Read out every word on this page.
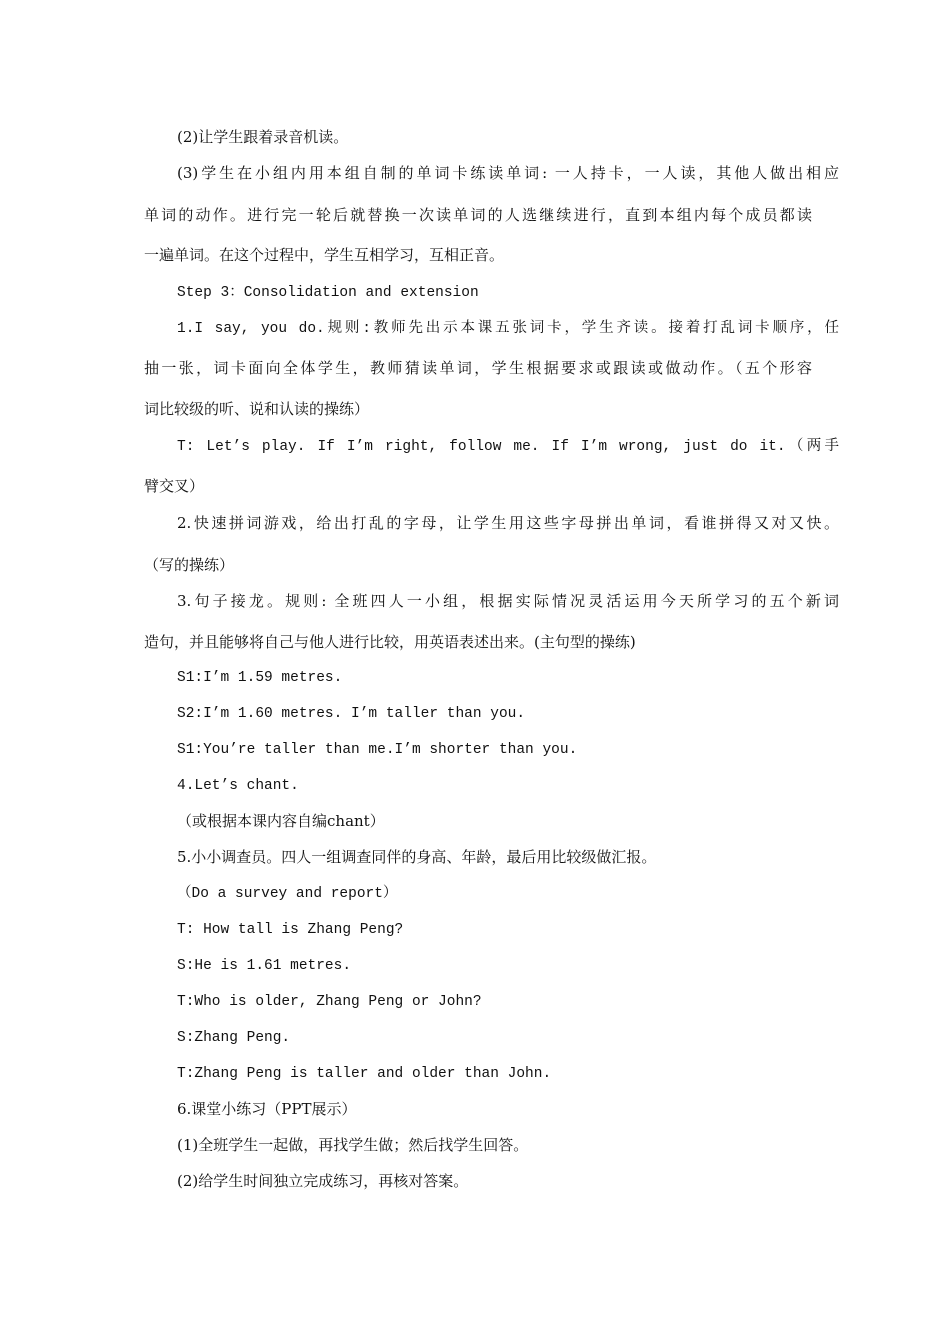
(2)让学生跟着录音机读。
(3)学生在小组内用本组自制的单词卡练读单词: 一人持卡，一人读，其他人做出相应
单词的动作。进行完一轮后就替换一次读单词的人选继续进行，直到本组内每个成员都读
一遍单词。在这个过程中，学生互相学习，互相正音。
Step 3：Consolidation and extension
1.I say, you do.规则:教师先出示本课五张词卡，学生齐读。接着打乱词卡顺序，任
抽一张，词卡面向全体学生，教师猜读单词，学生根据要求或跟读或做动作。（五个形容
词比较级的听、说和认读的操练）
T: Let’s play. If I’m right, follow me. If I’m wrong, just do it.（两手
臂交叉）
2.快速拼词游戏，给出打乱的字母，让学生用这些字母拼出单词，看谁拼得又对又快。
（写的操练）
3.句子接龙。规则: 全班四人一小组，根据实际情况灵活运用今天所学习的五个新词
造句，并且能够将自己与他人进行比较，用英语表述出来。(主句型的操练)
S1:I’m 1.59 metres.
S2:I’m 1.60 metres. I’m taller than you.
S1:You’re taller than me.I’m shorter than you.
4.Let’s chant.
（或根据本课内容自编chant）
5.小小调查员。四人一组调查同伴的身高、年龄，最后用比较级做汇报。
（Do a survey and report）
T: How tall is Zhang Peng?
S:He is 1.61 metres.
T:Who is older, Zhang Peng or John?
S:Zhang Peng.
T:Zhang Peng is taller and older than John.
6.课堂小练习（PPT展示）
(1)全班学生一起做，再找学生做；然后找学生回答。
(2)给学生时间独立完成练习，再核对答案。
